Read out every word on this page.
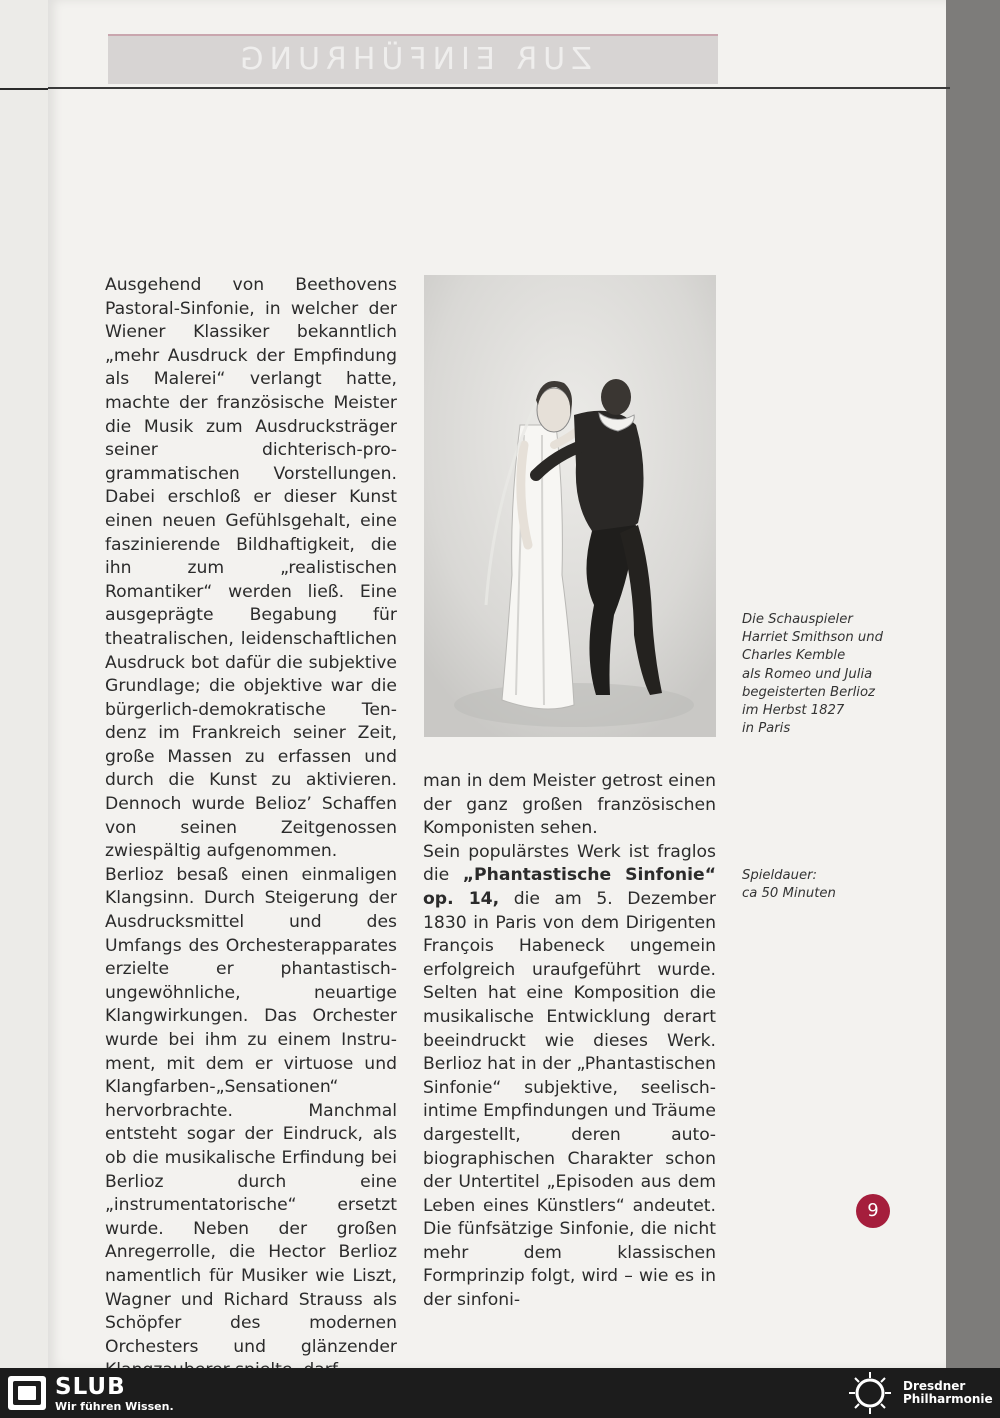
ZUR EINFÜHRUNG

Ausgehend von Beethovens Pastoral-Sinfonie, in welcher der Wiener Klassiker bekanntlich „mehr Ausdruck der Empfindung als Malerei“ verlangt hatte, machte der französische Meister die Musik zum Ausdrucksträger seiner dichterisch-programmatischen Vorstellungen. Dabei erschloß er dieser Kunst einen neuen Gefühlsgehalt, eine faszinierende Bildhaftigkeit, die ihn zum „realistischen Romantiker“ werden ließ. Eine ausgeprägte Begabung für theatralischen, leidenschaftlichen Ausdruck bot dafür die subjektive Grundlage; die objektive war die bürgerlich-demokratische Tendenz im Frankreich seiner Zeit, große Massen zu erfassen und durch die Kunst zu aktivieren. Dennoch wurde Belioz’ Schaffen von seinen Zeitgenossen zwiespältig aufgenommen.

Berlioz besaß einen einmaligen Klangsinn. Durch Steigerung der Ausdrucksmittel und des Umfangs des Orchesterapparates erzielte er phantastisch-ungewöhnliche, neuartige Klangwirkungen. Das Orchester wurde bei ihm zu einem Instrument, mit dem er virtuose und Klangfarben-„Sensationen“ hervorbrachte. Manchmal entsteht sogar der Eindruck, als ob die musikalische Erfindung bei Berlioz durch eine „instrumentatorische“ ersetzt wurde. Neben der großen Anregerrolle, die Hector Berlioz namentlich für Musiker wie Liszt, Wagner und Richard Strauss als Schöpfer des modernen Orchesters und glänzender

man in dem Meister getrost einen der ganz großen französischen Komponisten sehen.

Sein populärstes Werk ist fraglos die „Phantastische Sinfonie“ op. 14, die am 5. Dezember 1830 in Paris von dem Dirigenten François Habeneck ungemein erfolgreich uraufgeführt wurde. Selten hat eine Komposition die musikalische Entwicklung derart beeindruckt wie dieses Werk. Berlioz hat in der „Phantastischen Sinfonie“ subjektive, seelisch-intime Empfindungen und Träume dargestellt, deren autobiographischen Charakter schon der Untertitel „Episoden aus dem Leben eines Künstlers“ andeutet. Die fünfsätzige Sinfonie, die nicht mehr dem klassischen Formprinzip folgt, wird – wie es in der sinfoni-

Die Schauspieler
Harriet Smithson und
Charles Kemble
als Romeo und Julia
begeisterten Berlioz
im Herbst 1827
in Paris
Spieldauer:
ca 50 Minuten
9
SLUB
Wir führen Wissen.
Dresdner
Philharmonie
